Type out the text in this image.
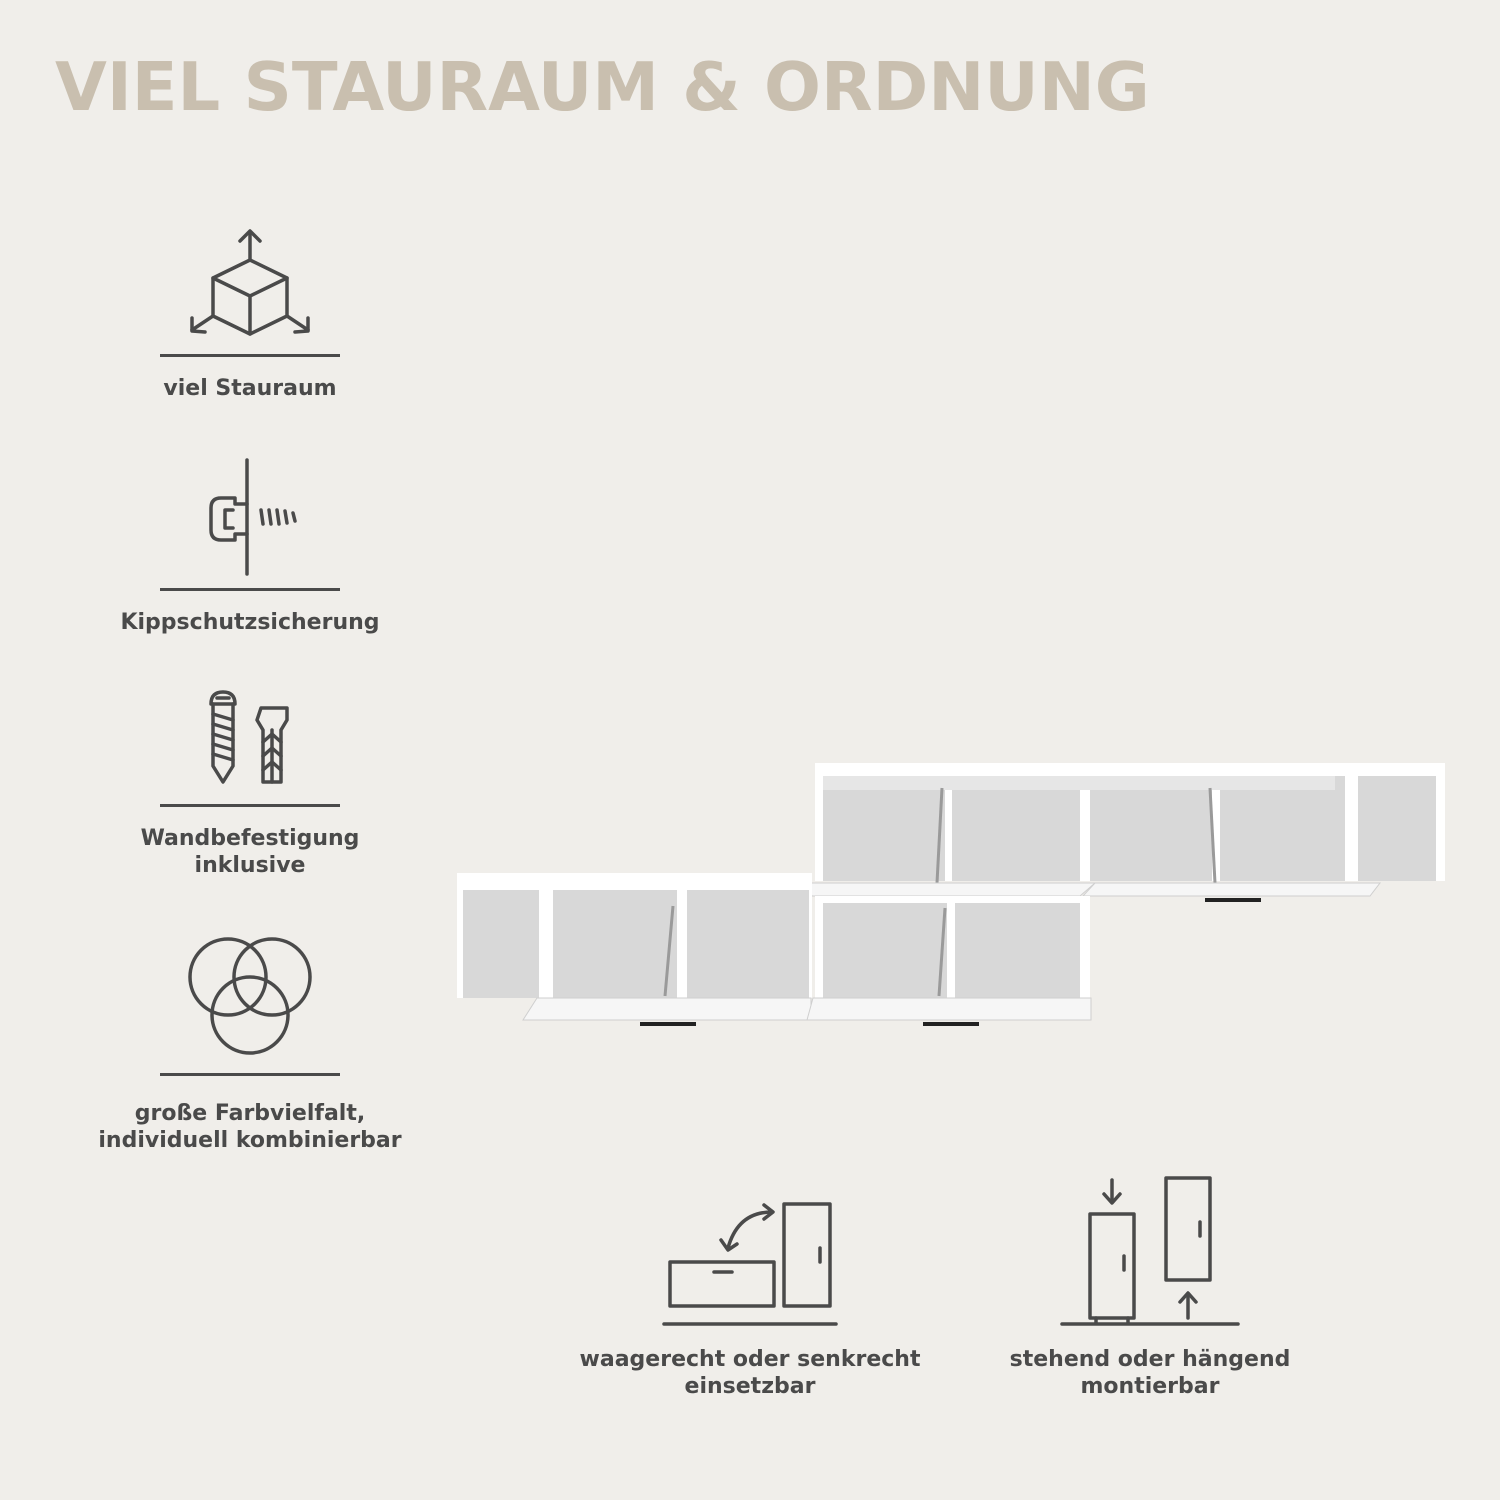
VIEL STAURAUM & ORDNUNG
viel Stauraum
Kippschutzsicherung
Wandbefestigung
inklusive
große Farbvielfalt,
individuell kombinierbar
waagerecht oder senkrecht
einsetzbar
stehend oder hängend
montierbar
